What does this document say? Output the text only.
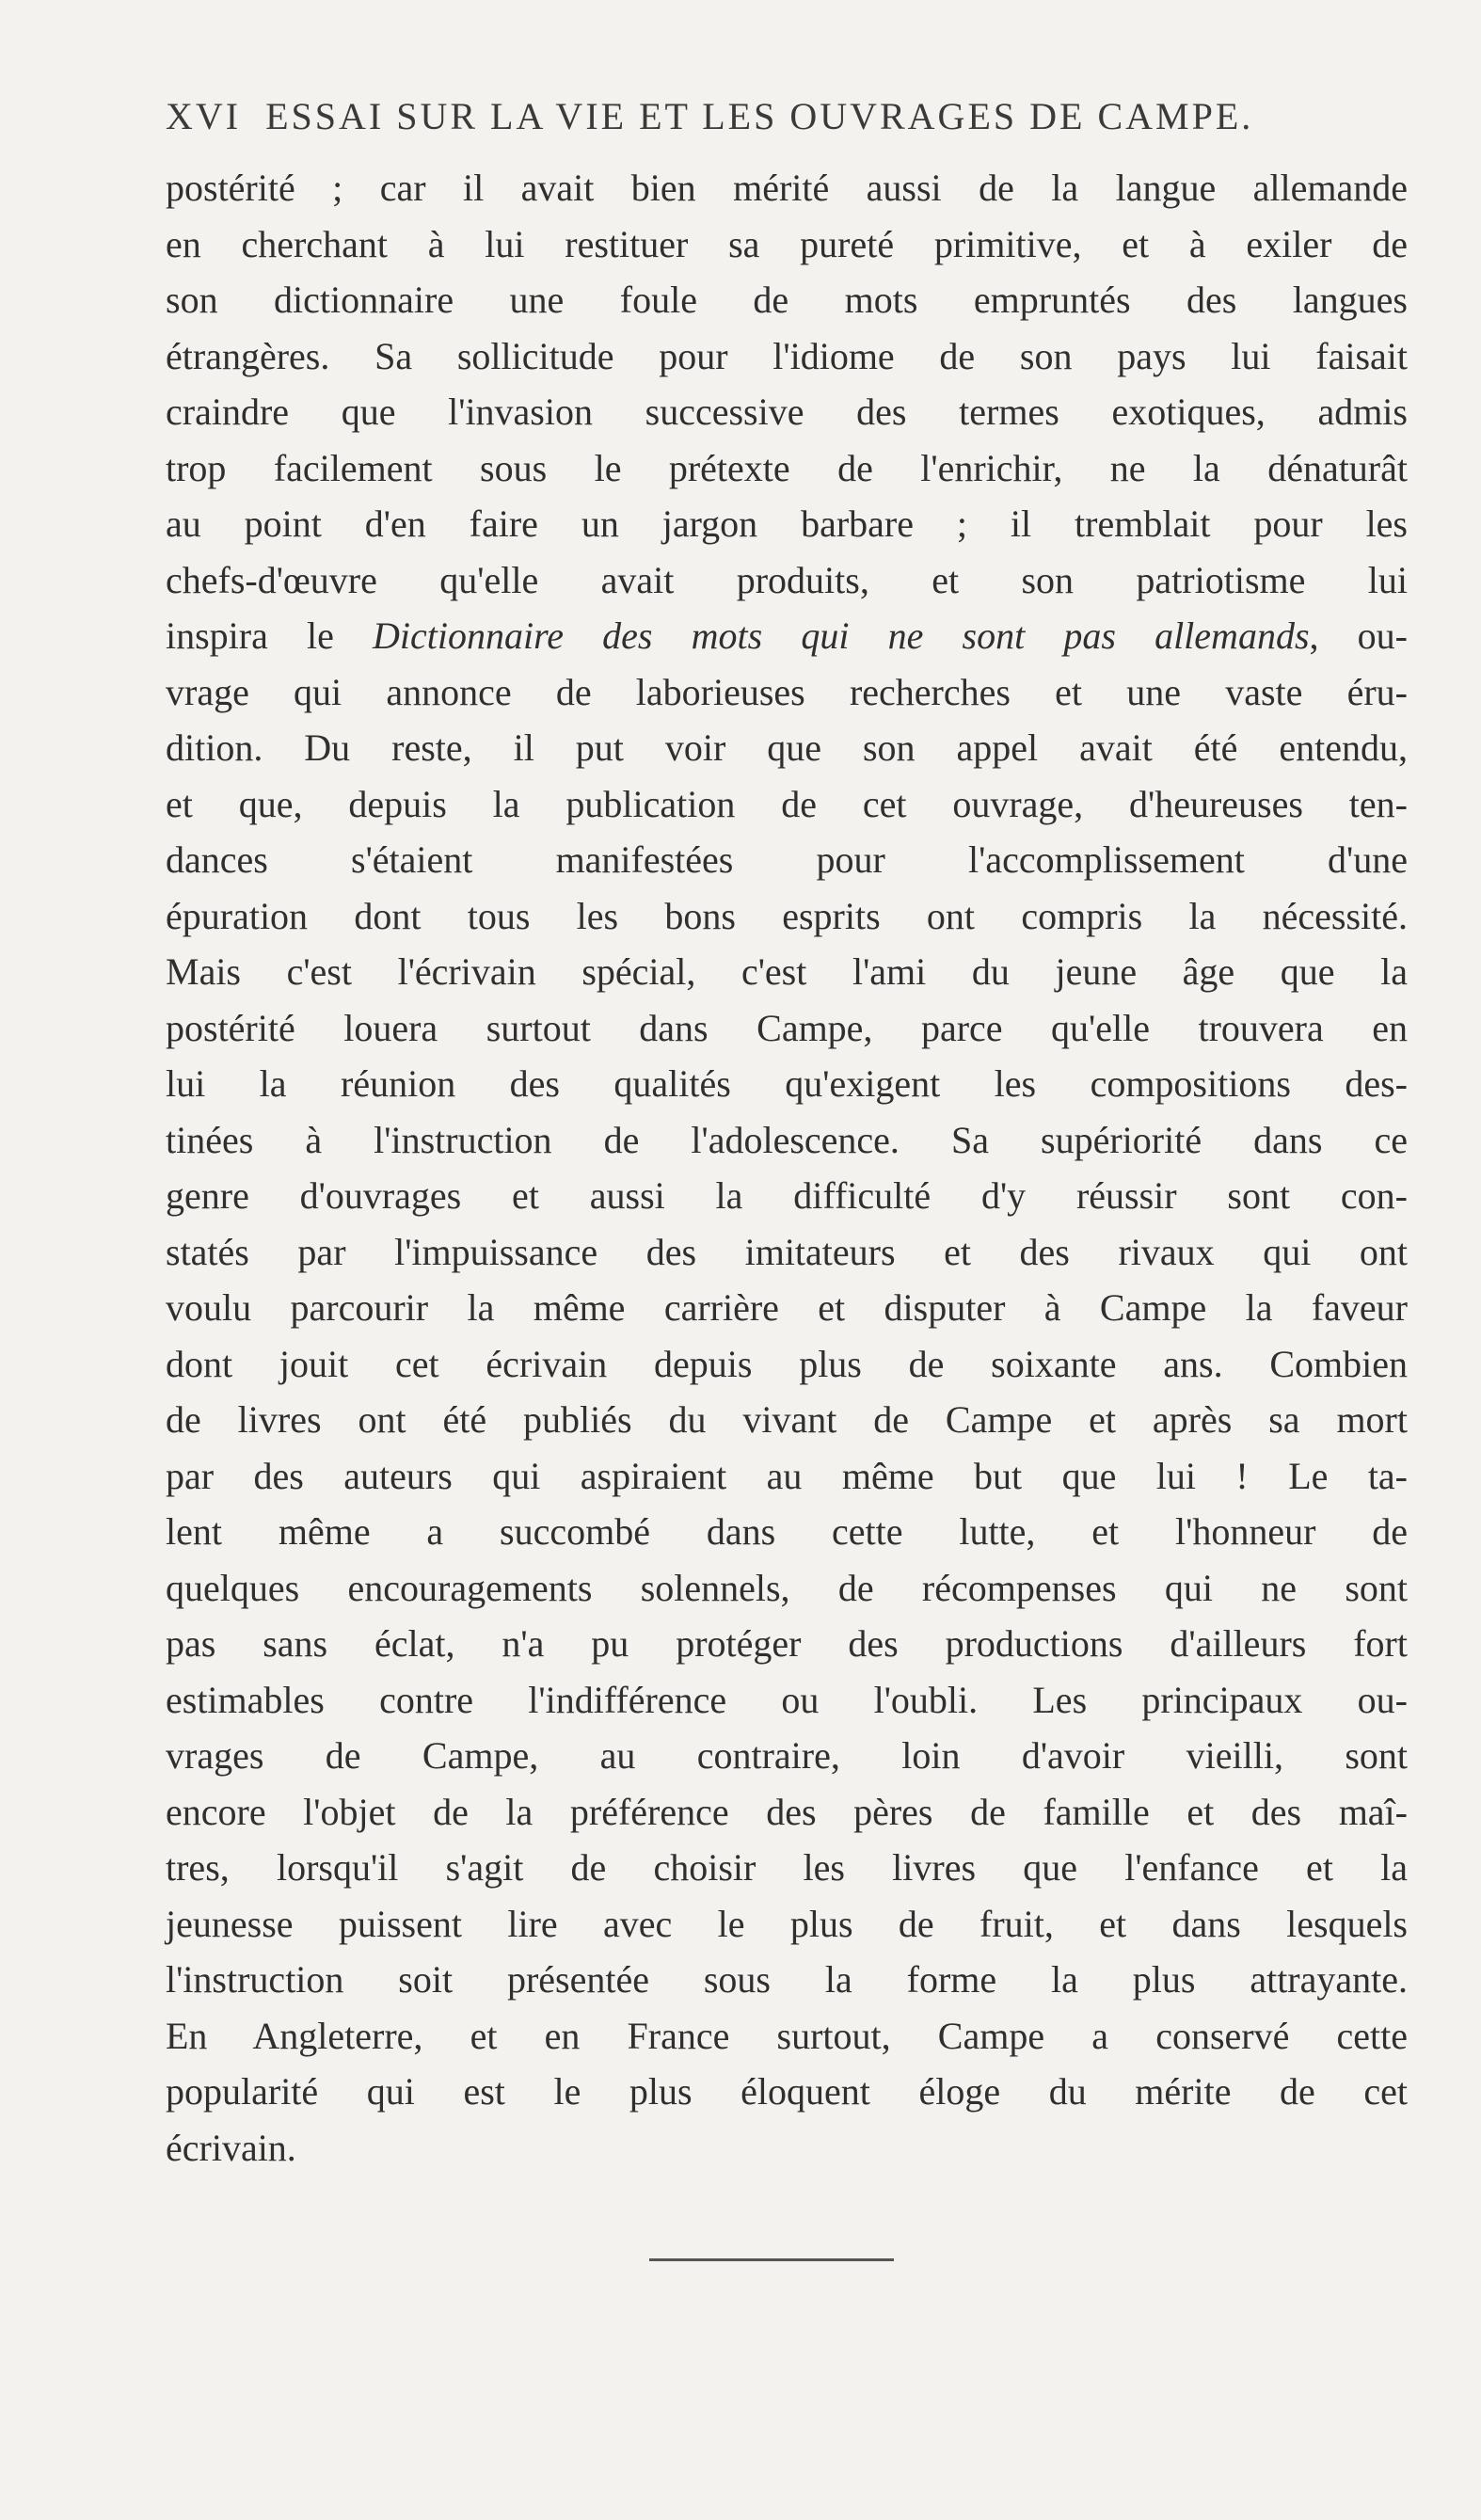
XVI ESSAI SUR LA VIE ET LES OUVRAGES DE CAMPE.
postérité ; car il avait bien mérité aussi de la langue allemande
en cherchant à lui restituer sa pureté primitive, et à exiler de
son dictionnaire une foule de mots empruntés des langues
étrangères. Sa sollicitude pour l'idiome de son pays lui faisait
craindre que l'invasion successive des termes exotiques, admis
trop facilement sous le prétexte de l'enrichir, ne la dénaturât
au point d'en faire un jargon barbare ; il tremblait pour les
chefs-d'œuvre qu'elle avait produits, et son patriotisme lui
inspira le Dictionnaire des mots qui ne sont pas allemands, ou-
vrage qui annonce de laborieuses recherches et une vaste éru-
dition. Du reste, il put voir que son appel avait été entendu,
et que, depuis la publication de cet ouvrage, d'heureuses ten-
dances s'étaient manifestées pour l'accomplissement d'une
épuration dont tous les bons esprits ont compris la nécessité.
Mais c'est l'écrivain spécial, c'est l'ami du jeune âge que la
postérité louera surtout dans Campe, parce qu'elle trouvera en
lui la réunion des qualités qu'exigent les compositions des-
tinées à l'instruction de l'adolescence. Sa supériorité dans ce
genre d'ouvrages et aussi la difficulté d'y réussir sont con-
statés par l'impuissance des imitateurs et des rivaux qui ont
voulu parcourir la même carrière et disputer à Campe la faveur
dont jouit cet écrivain depuis plus de soixante ans. Combien
de livres ont été publiés du vivant de Campe et après sa mort
par des auteurs qui aspiraient au même but que lui ! Le ta-
lent même a succombé dans cette lutte, et l'honneur de
quelques encouragements solennels, de récompenses qui ne sont
pas sans éclat, n'a pu protéger des productions d'ailleurs fort
estimables contre l'indifférence ou l'oubli. Les principaux ou-
vrages de Campe, au contraire, loin d'avoir vieilli, sont
encore l'objet de la préférence des pères de famille et des maî-
tres, lorsqu'il s'agit de choisir les livres que l'enfance et la
jeunesse puissent lire avec le plus de fruit, et dans lesquels
l'instruction soit présentée sous la forme la plus attrayante.
En Angleterre, et en France surtout, Campe a conservé cette
popularité qui est le plus éloquent éloge du mérite de cet
écrivain.
